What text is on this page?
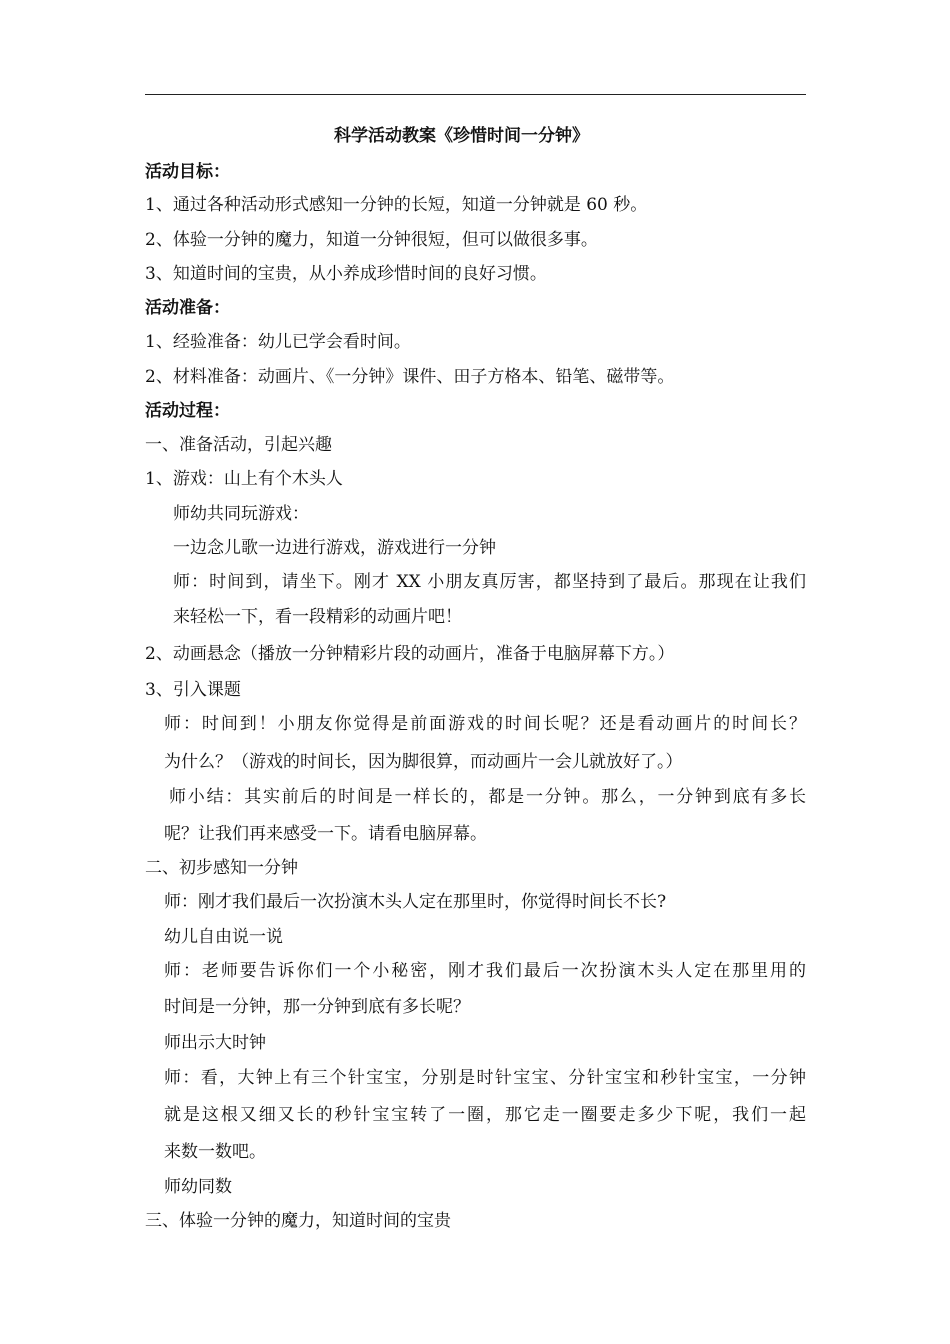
科学活动教案《珍惜时间一分钟》
活动目标：
1、通过各种活动形式感知一分钟的长短，知道一分钟就是 60 秒。
2、体验一分钟的魔力，知道一分钟很短，但可以做很多事。
3、知道时间的宝贵，从小养成珍惜时间的良好习惯。
活动准备：
1、经验准备：幼儿已学会看时间。
2、材料准备：动画片、《一分钟》课件、田子方格本、铅笔、磁带等。
活动过程：
一、准备活动，引起兴趣
1、游戏：山上有个木头人
师幼共同玩游戏：
一边念儿歌一边进行游戏，游戏进行一分钟
师：时间到，请坐下。刚才 XX 小朋友真厉害，都坚持到了最后。那现在让我们
来轻松一下，看一段精彩的动画片吧！
2、动画悬念（播放一分钟精彩片段的动画片，准备于电脑屏幕下方。）
3、引入课题
师：时间到！小朋友你觉得是前面游戏的时间长呢？还是看动画片的时间长？
为什么？（游戏的时间长，因为脚很算，而动画片一会儿就放好了。）
师小结：其实前后的时间是一样长的，都是一分钟。那么，一分钟到底有多长
呢？让我们再来感受一下。请看电脑屏幕。
二、初步感知一分钟
师：刚才我们最后一次扮演木头人定在那里时，你觉得时间长不长?
幼儿自由说一说
师：老师要告诉你们一个小秘密，刚才我们最后一次扮演木头人定在那里用的
时间是一分钟，那一分钟到底有多长呢？
师出示大时钟
师：看，大钟上有三个针宝宝，分别是时针宝宝、分针宝宝和秒针宝宝，一分钟
就是这根又细又长的秒针宝宝转了一圈，那它走一圈要走多少下呢，我们一起
来数一数吧。
师幼同数
三、体验一分钟的魔力，知道时间的宝贵
